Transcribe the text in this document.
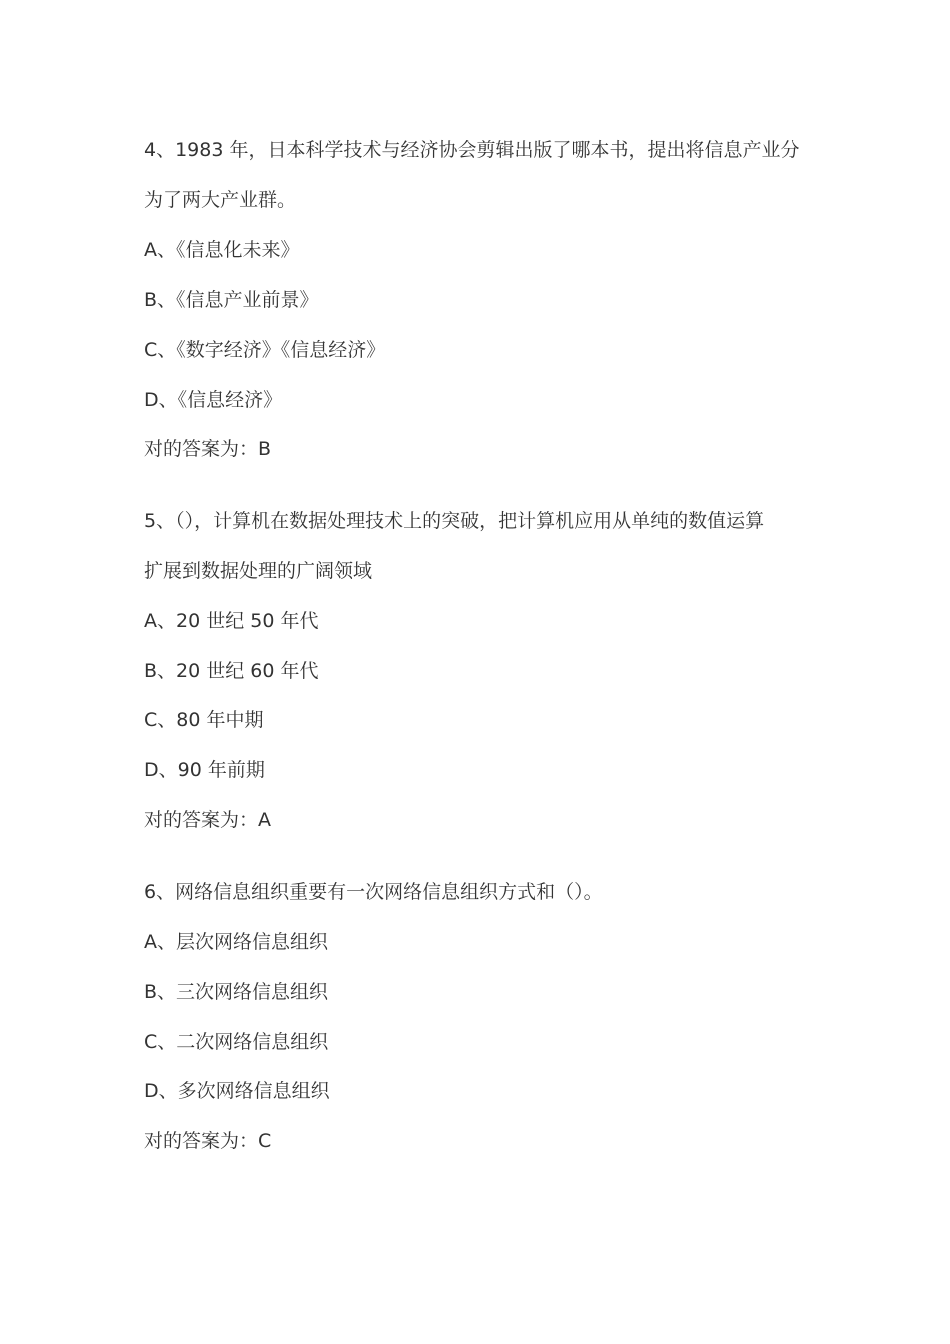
4、1983 年，日本科学技术与经济协会剪辑出版了哪本书，提出将信息产业分

为了两大产业群。

A、《信息化未来》

B、《信息产业前景》

C、《数字经济》《信息经济》

D、《信息经济》

对的答案为：B

5、（），计算机在数据处理技术上的突破，把计算机应用从单纯的数值运算

扩展到数据处理的广阔领域

A、20 世纪 50 年代

B、20 世纪 60 年代

C、80 年中期

D、90 年前期

对的答案为：A

6、网络信息组织重要有一次网络信息组织方式和（）。

A、层次网络信息组织

B、三次网络信息组织

C、二次网络信息组织

D、多次网络信息组织

对的答案为：C
